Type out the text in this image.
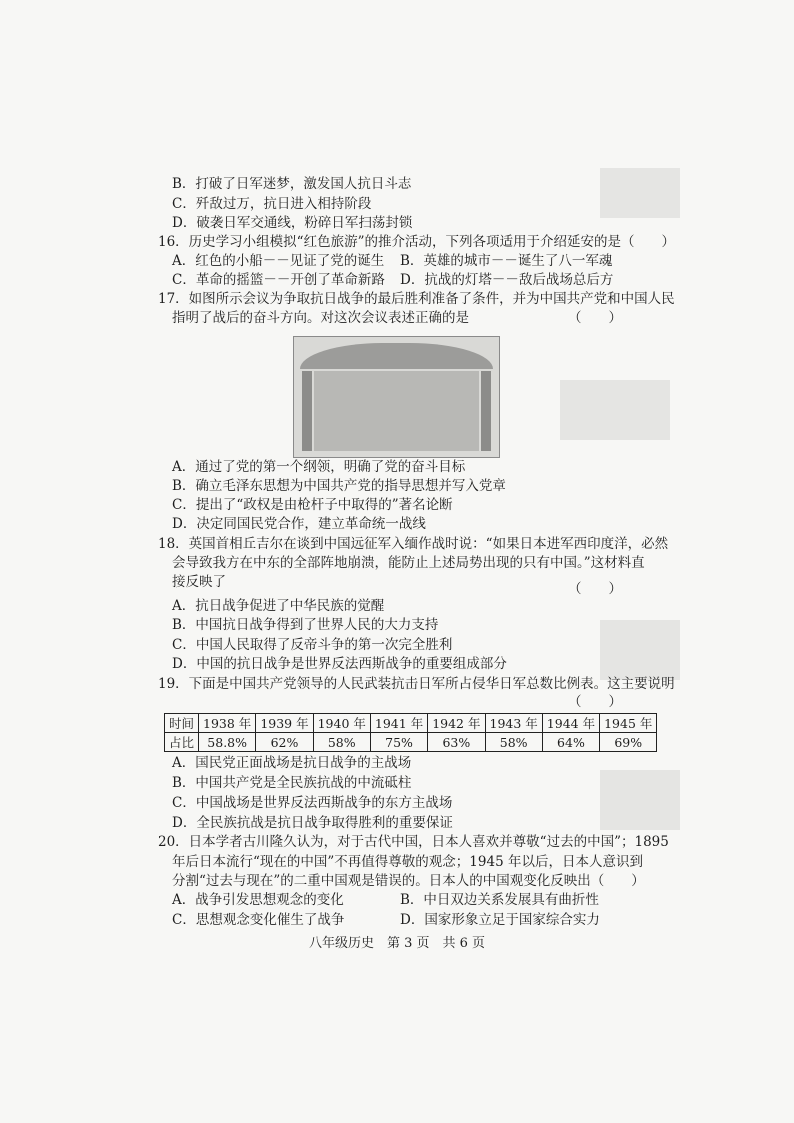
B．打破了日军迷梦，激发国人抗日斗志
C．歼敌过万，抗日进入相持阶段
D．破袭日军交通线，粉碎日军扫荡封锁
16．历史学习小组模拟“红色旅游”的推介活动，下列各项适用于介绍延安的是（　　）
A．红色的小船－－见证了党的诞生 B．英雄的城市－－诞生了八一军魂
C．革命的摇篮－－开创了革命新路 D．抗战的灯塔－－敌后战场总后方
17．如图所示会议为争取抗日战争的最后胜利准备了条件，并为中国共产党和中国人民
指明了战后的奋斗方向。对这次会议表述正确的是	（　　）
A．通过了党的第一个纲领，明确了党的奋斗目标
B．确立毛泽东思想为中国共产党的指导思想并写入党章
C．提出了“政权是由枪杆子中取得的”著名论断
D．决定同国民党合作，建立革命统一战线
18．英国首相丘吉尔在谈到中国远征军入缅作战时说：“如果日本进军西印度洋，必然
会导致我方在中东的全部阵地崩溃，能防止上述局势出现的只有中国。”这材料直
接反映了	（　　）
A．抗日战争促进了中华民族的觉醒
B．中国抗日战争得到了世界人民的大力支持
C．中国人民取得了反帝斗争的第一次完全胜利
D．中国的抗日战争是世界反法西斯战争的重要组成部分
19．下面是中国共产党领导的人民武装抗击日军所占侵华日军总数比例表。这主要说明
（　　）
时间	1938 年	1939 年	1940 年	1941 年	1942 年	1943 年	1944 年	1945 年
占比	58.8%	62%	58%	75%	63%	58%	64%	69%
A．国民党正面战场是抗日战争的主战场
B．中国共产党是全民族抗战的中流砥柱
C．中国战场是世界反法西斯战争的东方主战场
D．全民族抗战是抗日战争取得胜利的重要保证
20．日本学者古川隆久认为，对于古代中国，日本人喜欢并尊敬“过去的中国”；1895
年后日本流行“现在的中国”不再值得尊敬的观念；1945 年以后，日本人意识到
分割“过去与现在”的二重中国观是错误的。日本人的中国观变化反映出（　　）
A．战争引发思想观念的变化	B．中日双边关系发展具有曲折性
C．思想观念变化催生了战争	D．国家形象立足于国家综合实力
八年级历史　第 3 页　共 6 页
